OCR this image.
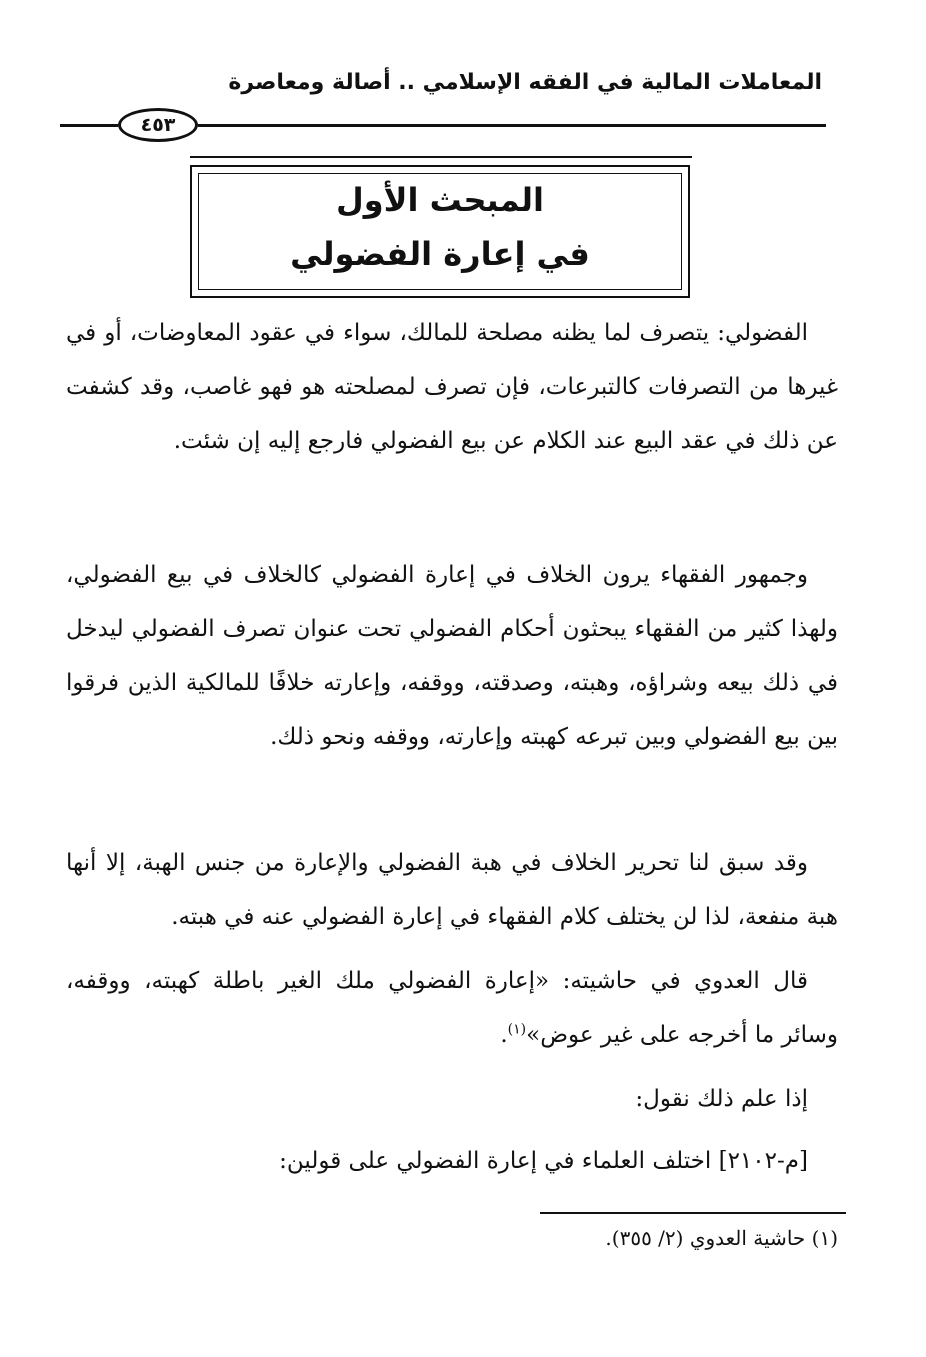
المعاملات المالية في الفقه الإسلامي .. أصالة ومعاصرة
٤٥٣
المبحث الأول
في إعارة الفضولي

الفضولي: يتصرف لما يظنه مصلحة للمالك، سواء في عقود المعاوضات، أو في غيرها من التصرفات كالتبرعات، فإن تصرف لمصلحته هو فهو غاصب، وقد كشفت عن ذلك في عقد البيع عند الكلام عن بيع الفضولي فارجع إليه إن شئت.

وجمهور الفقهاء يرون الخلاف في إعارة الفضولي كالخلاف في بيع الفضولي، ولهذا كثير من الفقهاء يبحثون أحكام الفضولي تحت عنوان تصرف الفضولي ليدخل في ذلك بيعه وشراؤه، وهبته، وصدقته، ووقفه، وإعارته خلافًا للمالكية الذين فرقوا بين بيع الفضولي وبين تبرعه كهبته وإعارته، ووقفه ونحو ذلك.

وقد سبق لنا تحرير الخلاف في هبة الفضولي والإعارة من جنس الهبة، إلا أنها هبة منفعة، لذا لن يختلف كلام الفقهاء في إعارة الفضولي عنه في هبته.

قال العدوي في حاشيته: «إعارة الفضولي ملك الغير باطلة كهبته، ووقفه، وسائر ما أخرجه على غير عوض»$^{(١)}$.

إذا علم ذلك نقول:

[م-٢١٠٢] اختلف العلماء في إعارة الفضولي على قولين:

(١) حاشية العدوي (٢/ ٣٥٥).
